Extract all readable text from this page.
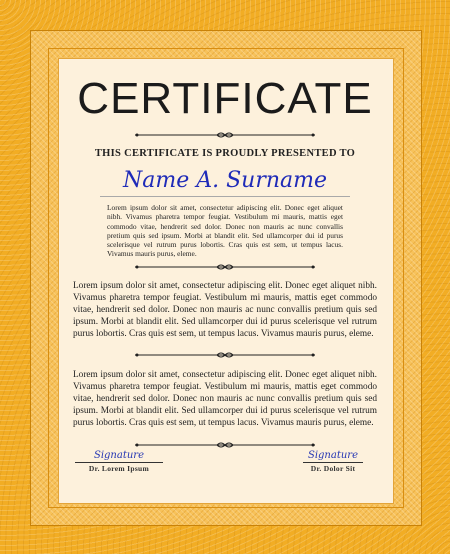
CERTIFICATE
THIS CERTIFICATE IS PROUDLY PRESENTED TO
Name A. Surname
Lorem ipsum dolor sit amet, consectetur adipiscing elit. Donec eget aliquet nibh. Vivamus pharetra tempor feugiat. Vestibulum mi mauris, mattis eget commodo vitae, hendrerit sed dolor. Donec non mauris ac nunc convallis pretium quis sed ipsum. Morbi at blandit elit. Sed ullamcorper dui id purus scelerisque vel rutrum purus lobortis. Cras quis est sem, ut tempus lacus. Vivamus mauris purus, eleme.
Lorem ipsum dolor sit amet, consectetur adipiscing elit. Donec eget aliquet nibh. Vivamus pharetra tempor feugiat. Vestibulum mi mauris, mattis eget commodo vitae, hendrerit sed dolor. Donec non mauris ac nunc convallis pretium quis sed ipsum. Morbi at blandit elit. Sed ullamcorper dui id purus scelerisque vel rutrum purus lobortis. Cras quis est sem, ut tempus lacus. Vivamus mauris purus, eleme.
Lorem ipsum dolor sit amet, consectetur adipiscing elit. Donec eget aliquet nibh. Vivamus pharetra tempor feugiat. Vestibulum mi mauris, mattis eget commodo vitae, hendrerit sed dolor. Donec non mauris ac nunc convallis pretium quis sed ipsum. Morbi at blandit elit. Sed ullamcorper dui id purus scelerisque vel rutrum purus lobortis. Cras quis est sem, ut tempus lacus. Vivamus mauris purus, eleme.
Signature
Dr. Lorem Ipsum
Signature
Dr. Dolor Sit
